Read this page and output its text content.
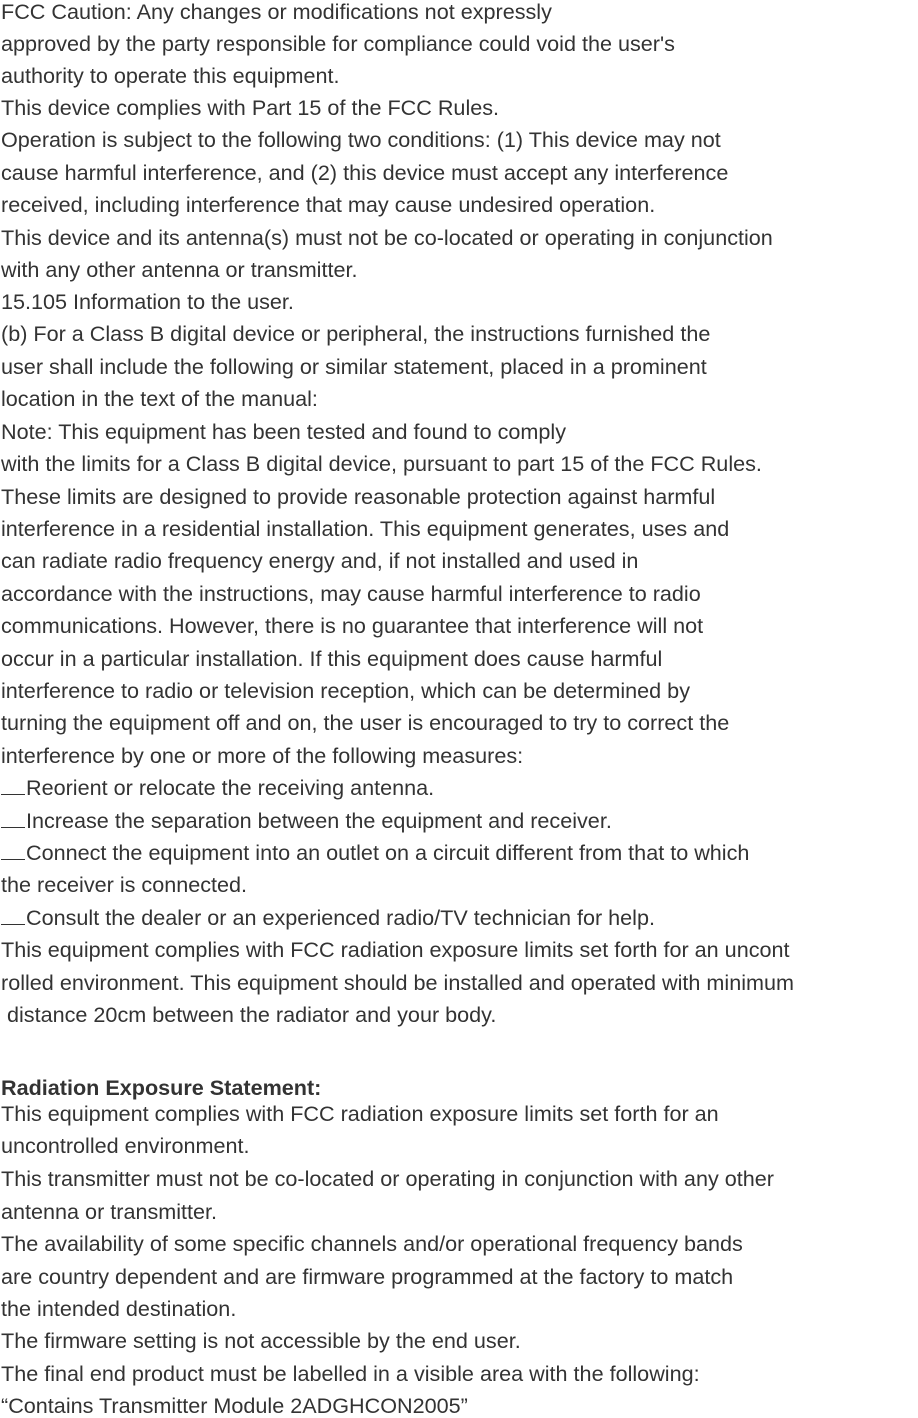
FCC Caution: Any changes or modifications not expressly
approved by the party responsible for compliance could void the user's
authority to operate this equipment.
This device complies with Part 15 of the FCC Rules.
Operation is subject to the following two conditions: (1) This device may not
cause harmful interference, and (2) this device must accept any interference
received, including interference that may cause undesired operation.
This device and its antenna(s) must not be co-located or operating in conjunction
with any other antenna or transmitter.
15.105 Information to the user.
(b) For a Class B digital device or peripheral, the instructions furnished the
user shall include the following or similar statement, placed in a prominent
location in the text of the manual:
Note: This equipment has been tested and found to comply
with the limits for a Class B digital device, pursuant to part 15 of the FCC Rules.
These limits are designed to provide reasonable protection against harmful
interference in a residential installation. This equipment generates, uses and
can radiate radio frequency energy and, if not installed and used in
accordance with the instructions, may cause harmful interference to radio
communications. However, there is no guarantee that interference will not
occur in a particular installation. If this equipment does cause harmful
interference to radio or television reception, which can be determined by
turning the equipment off and on, the user is encouraged to try to correct the
interference by one or more of the following measures:
Reorient or relocate the receiving antenna.
Increase the separation between the equipment and receiver.
Connect the equipment into an outlet on a circuit different from that to which
the receiver is connected.
Consult the dealer or an experienced radio/TV technician for help.
This equipment complies with FCC radiation exposure limits set forth for an uncont
rolled environment. This equipment should be installed and operated with minimum
distance 20cm between the radiator and your body.
Radiation Exposure Statement:
This equipment complies with FCC radiation exposure limits set forth for an
uncontrolled environment.
This transmitter must not be co-located or operating in conjunction with any other
antenna or transmitter.
The availability of some specific channels and/or operational frequency bands
are country dependent and are firmware programmed at the factory to match
the intended destination.
The firmware setting is not accessible by the end user.
The final end product must be labelled in a visible area with the following:
“Contains Transmitter Module 2ADGHCON2005”
